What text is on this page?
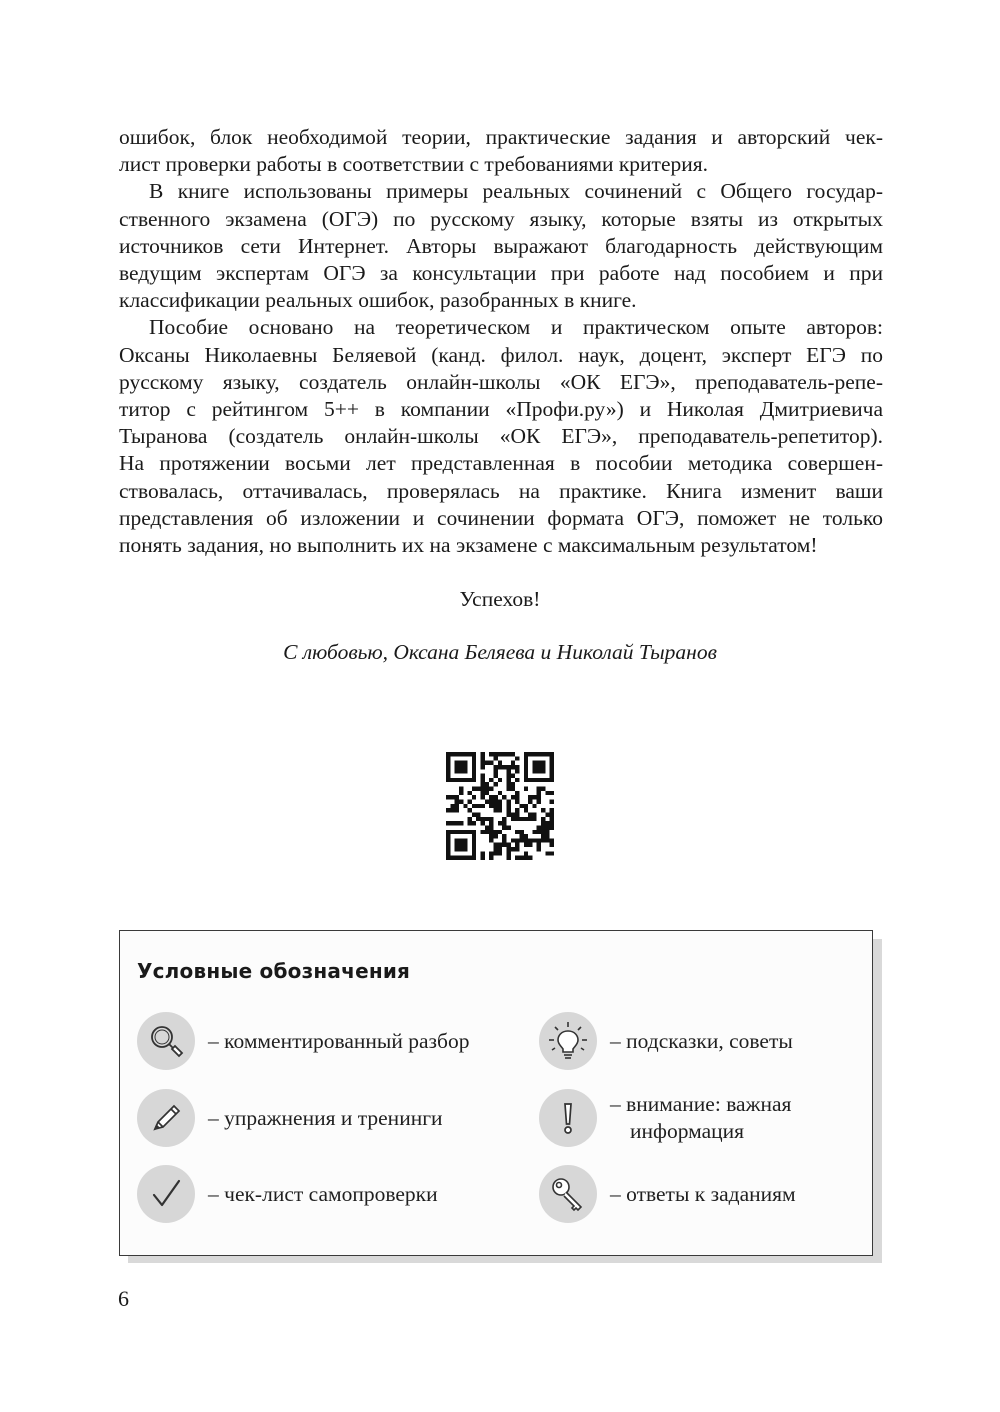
ошибок, блок необходимой теории, практические задания и авторский чек-
лист проверки работы в соответствии с требованиями критерия.
В книге использованы примеры реальных сочинений с Общего государ-
ственного экзамена (ОГЭ) по русскому языку, которые взяты из открытых
источников сети Интернет. Авторы выражают благодарность действующим
ведущим экспертам ОГЭ за консультации при работе над пособием и при
классификации реальных ошибок, разобранных в книге.
Пособие основано на теоретическом и практическом опыте авторов:
Оксаны Николаевны Беляевой (канд. филол. наук, доцент, эксперт ЕГЭ по
русскому языку, создатель онлайн-школы «ОК ЕГЭ», преподаватель-репе-
титор с рейтингом 5++ в компании «Профи.ру») и Николая Дмитриевича
Тыранова (создатель онлайн-школы «ОК ЕГЭ», преподаватель-репетитор).
На протяжении восьми лет представленная в пособии методика совершен-
ствовалась, оттачивалась, проверялась на практике. Книга изменит ваши
представления об изложении и сочинении формата ОГЭ, поможет не только
понять задания, но выполнить их на экзамене с максимальным результатом!
Успехов!
С любовью, Оксана Беляева и Николай Тыранов
Условные обозначения
– комментированный разбор	– подсказки, советы
– упражнения и тренинги
– внимание: важная
информация
– чек-лист самопроверки	– ответы к заданиям
6
